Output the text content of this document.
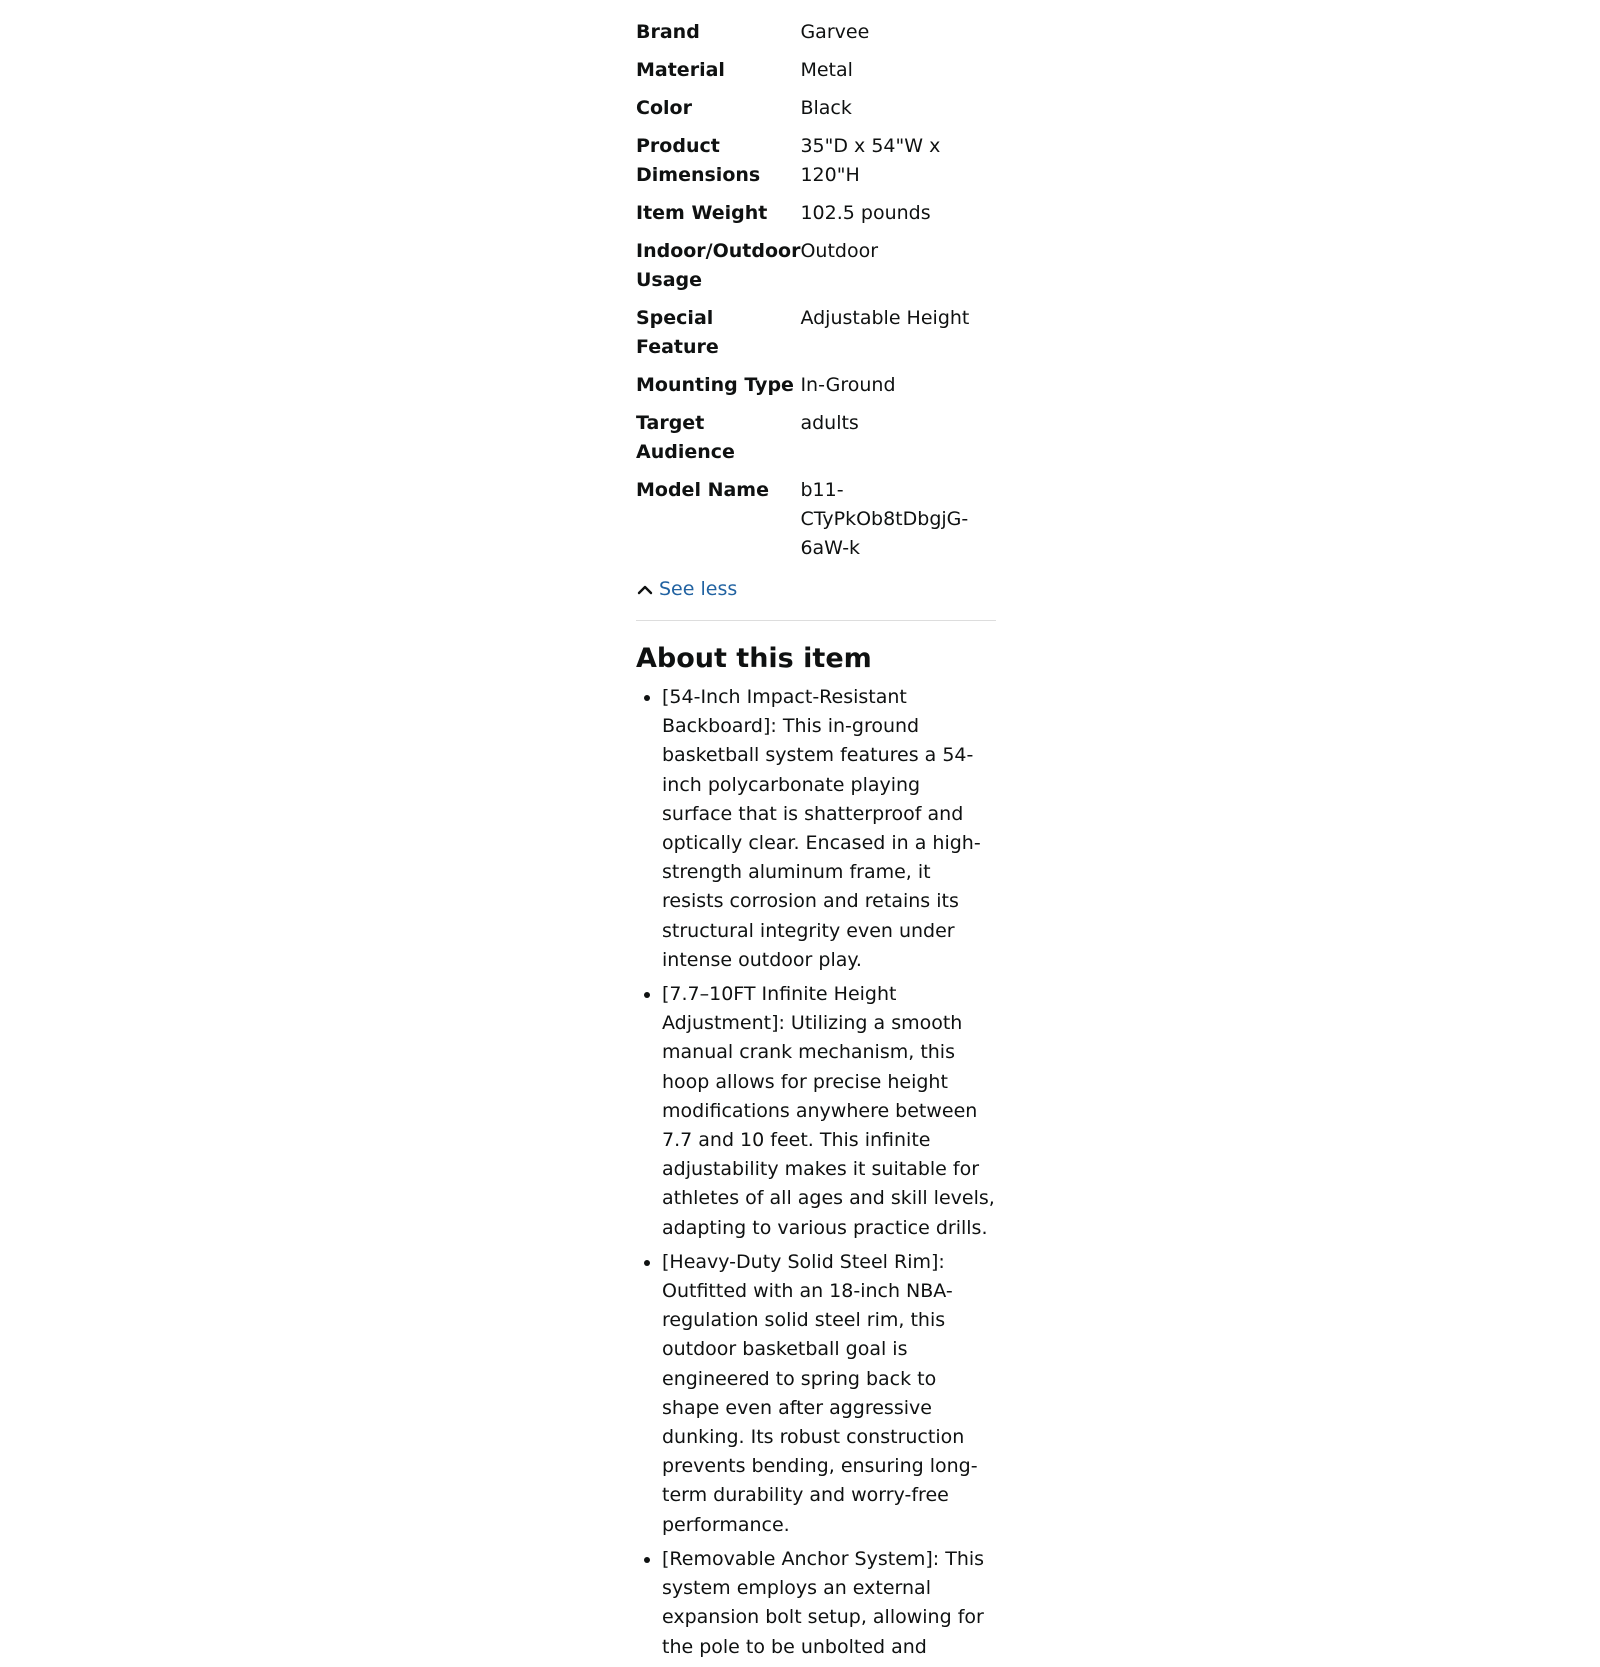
Brand	Garvee
Material	Metal
Color	Black
Product Dimensions	35"D x 54"W x 120"H
Item Weight	102.5 pounds
Indoor/Outdoor Usage	Outdoor
Special Feature	Adjustable Height
Mounting Type	In-Ground
Target Audience	adults
Model Name	b11-CTyPkOb8tDbgjG-6aW-k
See less
About this item
• [54-Inch Impact-Resistant Backboard]: This in-ground basketball system features a 54-inch polycarbonate playing surface that is shatterproof and optically clear. Encased in a high-strength aluminum frame, it resists corrosion and retains its structural integrity even under intense outdoor play.
• [7.7–10FT Infinite Height Adjustment]: Utilizing a smooth manual crank mechanism, this hoop allows for precise height modifications anywhere between 7.7 and 10 feet. This infinite adjustability makes it suitable for athletes of all ages and skill levels, adapting to various practice drills.
• [Heavy-Duty Solid Steel Rim]: Outfitted with an 18-inch NBA-regulation solid steel rim, this outdoor basketball goal is engineered to spring back to shape even after aggressive dunking. Its robust construction prevents bending, ensuring long-term durability and worry-free performance.
• [Removable Anchor System]: This system employs an external expansion bolt setup, allowing for the pole to be unbolted and
